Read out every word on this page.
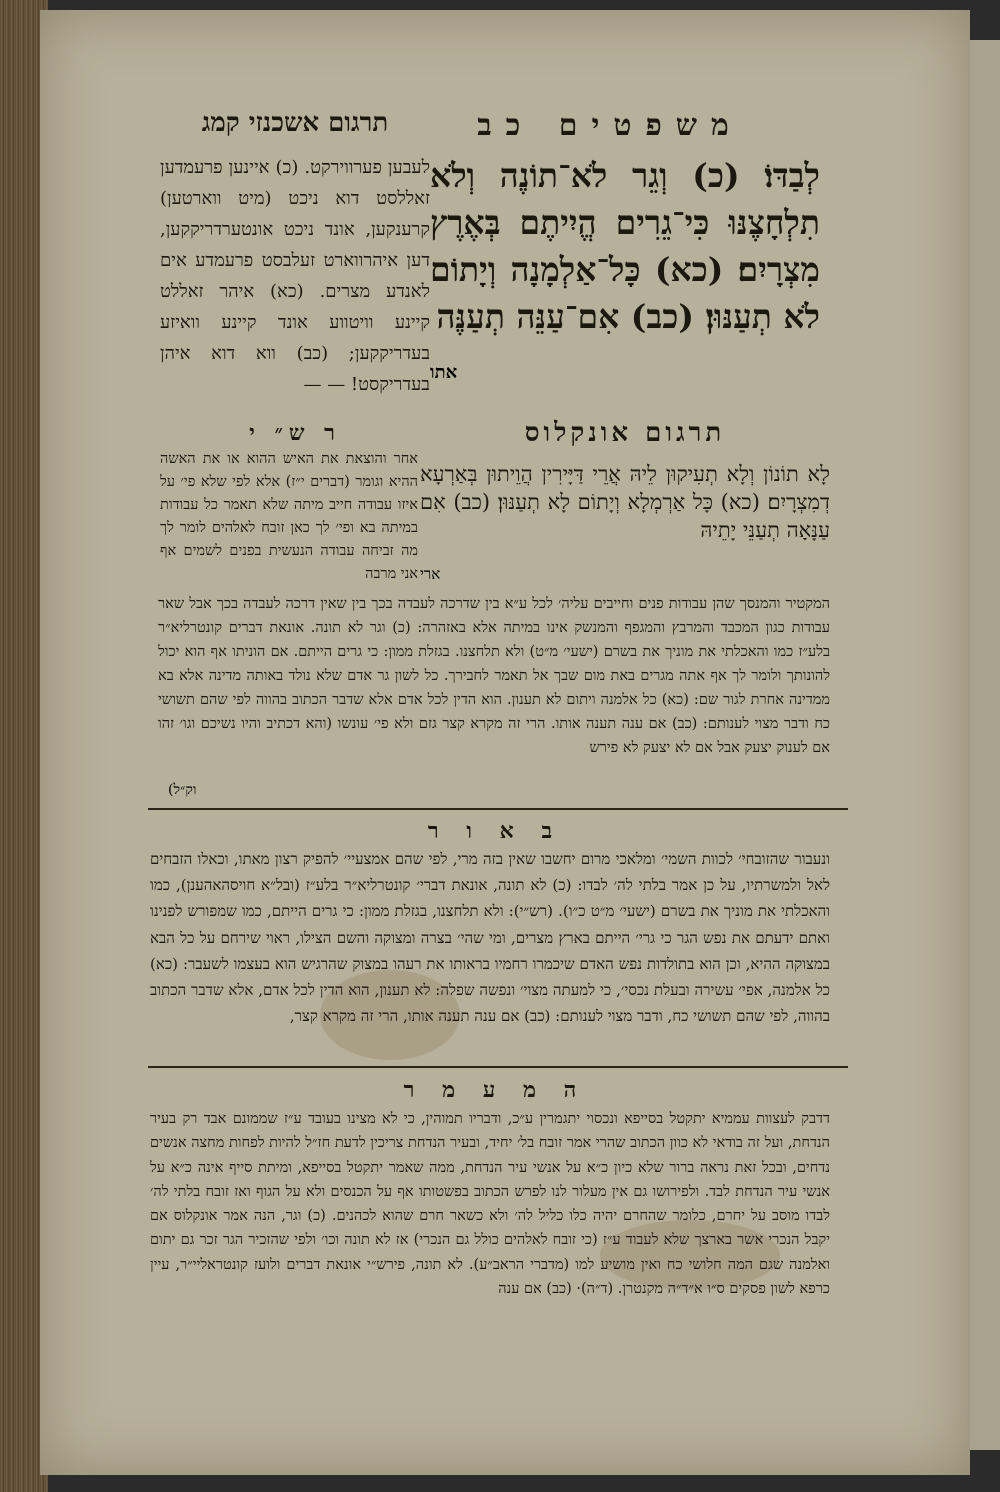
משפטים כב
תרגום אשכנזי קמג
לְבַדּוֹ׃ (כ) וְגֵר לֹא־תוֹנֶה וְלֹא תִלְחָצֶנּוּ כִּי־גֵרִים הֱיִיתֶם בְּאֶרֶץ מִצְרָיִם׃ (כא) כָּל־אַלְמָנָה וְיָתוֹם לֹא תְעַנּוּן׃ (כב) אִם־עַנֵּה תְעַנֶּה
אתו
לעבען פערווירקט. (כ) איינען פרעמדען זאללסט דוא ניכט (מיט ווארטען) קרענקען, אונד ניכט אונטערדריקקען, דען איהרווארט זעלבסט פרעמדע אים לאנדע מצרים. (כא) איהר זאללט קיינע וויטווע אונד קיינע וואיזע בעדריקקען; (כב) ווא דוא איהן בעדריקסט! — —
תרגום אונקלוס
לָא תוֹנוֹן וְלָא תְעִיקוּן לֵיהּ אֲרֵי דַּיָּירִין הֲוֵיתוּן בְּאַרְעָא דְמִצְרָיִם׃ (כא) כָּל אַרְמְלָא וְיָתוֹם לָא תְעַנּוּן׃ (כב) אִם עַנָּאָה תְעַנֵּי יָתֵיהּ
ארי
ר ש״ י
אחר והוצאת את האיש ההוא או את האשה ההיא וגומר (דברים י״ז) אלא לפי שלא פי׳ על איזו עבודה חייב מיתה שלא תאמר כל עבודות במיתה בא ופי׳ לך כאן זובח לאלהים לומר לך מה זביחה עבודה הנעשית בפנים לשמים אף אני מרבה
המקטיר והמנסך שהן עבודות פנים וחייבים עליה׳ לכל ע״א בין שדרכה לעבדה בכך בין שאין דרכה לעבדה בכך אבל שאר עבודות כגון המכבד והמרבץ והמגפף והמנשק אינו במיתה אלא באזהרה: (כ) וגר לא תונה. אונאת דברים קונטרליא״ר בלע״ז כמו והאכלתי את מוניך את בשרם (ישעי׳ מ״ט) ולא תלחצנו. בגזלת ממון: כי גרים הייתם. אם הוניתו אף הוא יכול להונותך ולומר לך אף אתה מגרים באת מום שבך אל תאמר לחבירך. כל לשון גר אדם שלא נולד באותה מדינה אלא בא ממדינה אחרת לגור שם: (כא) כל אלמנה ויתום לא תענון. הוא הדין לכל אדם אלא שדבר הכתוב בהווה לפי שהם תשושי כח ודבר מצוי לענותם: (כב) אם ענה תענה אותו. הרי זה מקרא קצר גזם ולא פי׳ עונשו (והא דכתיב והיו נשיכם וגו׳ זהו אם לענוק יצעק אבל אם לא יצעק לא פירש
וק״ל)
ב א ו ר
ונעבור שהזובחי׳ לכוות השמי׳ ומלאכי מרום יחשבו שאין בזה מרי, לפי שהם אמצעיי׳ להפיק רצון מאתו, וכאלו הזבחים לאל ולמשרתיו, על כן אמר בלתי לה׳ לבדו: (כ) לא תונה, אונאת דברי׳ קונטרליא״ר בלע״ז (ובל״א חויסהאהענן), כמו והאכלתי את מוניך את בשרם (ישעי׳ מ״ט כ״ו). (רש״י): ולא תלחצנו, בגזלת ממון: כי גרים הייתם, כמו שמפורש לפנינו ואתם ידעתם את נפש הגר כי גרי׳ הייתם בארץ מצרים, ומי שהי׳ בצרה ומצוקה והשם הצילו, ראוי שירחם על כל הבא במצוקה ההיא, וכן הוא בתולדות נפש האדם שיכמרו רחמיו בראותו את רעהו במצוק שהרגיש הוא בעצמו לשעבר: (כא) כל אלמנה, אפי׳ עשירה ובעלת נכסי׳, כי למעתה מצוי׳ ונפשה שפלה: לא תענון, הוא הדין לכל אדם, אלא שדבר הכתוב בהווה, לפי שהם תשושי כח, ודבר מצוי לענותם: (כב) אם ענה תענה אותו, הרי זה מקרא קצר,
ה מ ע מ ר
דדבק לעצוות עממיא יתקטל בסייפא ונכסוי יתגמרין ע״כ, ודבריו תמוהין, כי לא מצינו בעובד ע״ז שממונם אבד רק בעיר הנדחת, ועל זה בודאי לא כוון הכתוב שהרי אמר זובח בל׳ יחיד, ובעיר הנדחת צריכין לדעת חז״ל להיות לפחות מחצה אנשים נדחים, ובכל זאת נראה ברור שלא כיון כ״א על אנשי עיר הנדחת, ממה שאמר יתקטל בסייפא, ומיתת סייף אינה כ״א על אנשי עיר הנדחת לבד. ולפירושו גם אין מעלור לנו לפרש הכתוב בפשטותו אף על הכנסים ולא על הגוף ואז זובח בלתי לה׳ לבדו מוסב על יחרם, כלומר שהחרם יהיה כלו כליל לה׳ ולא כשאר חרם שהוא לכהנים. (כ) וגר, הנה אמר אונקלוס אם יקבל הנכרי אשר בארצך שלא לעבוד ע״ז (כי זובח לאלהים כולל גם הנכרי) אז לא תונה וכו׳ ולפי שהזכיר הגר זכר גם יתום ואלמנה שגם המה חלושי כח ואין מושיע למו (מדברי הראב״ע). לא תונה, פירש״י אונאת דברים ולועז קונטראליי״ר, עיין כרפא לשון פסקים ס״ו א״ד״ה מקנטרן. (ד״ה)· (כב) אם ענה
